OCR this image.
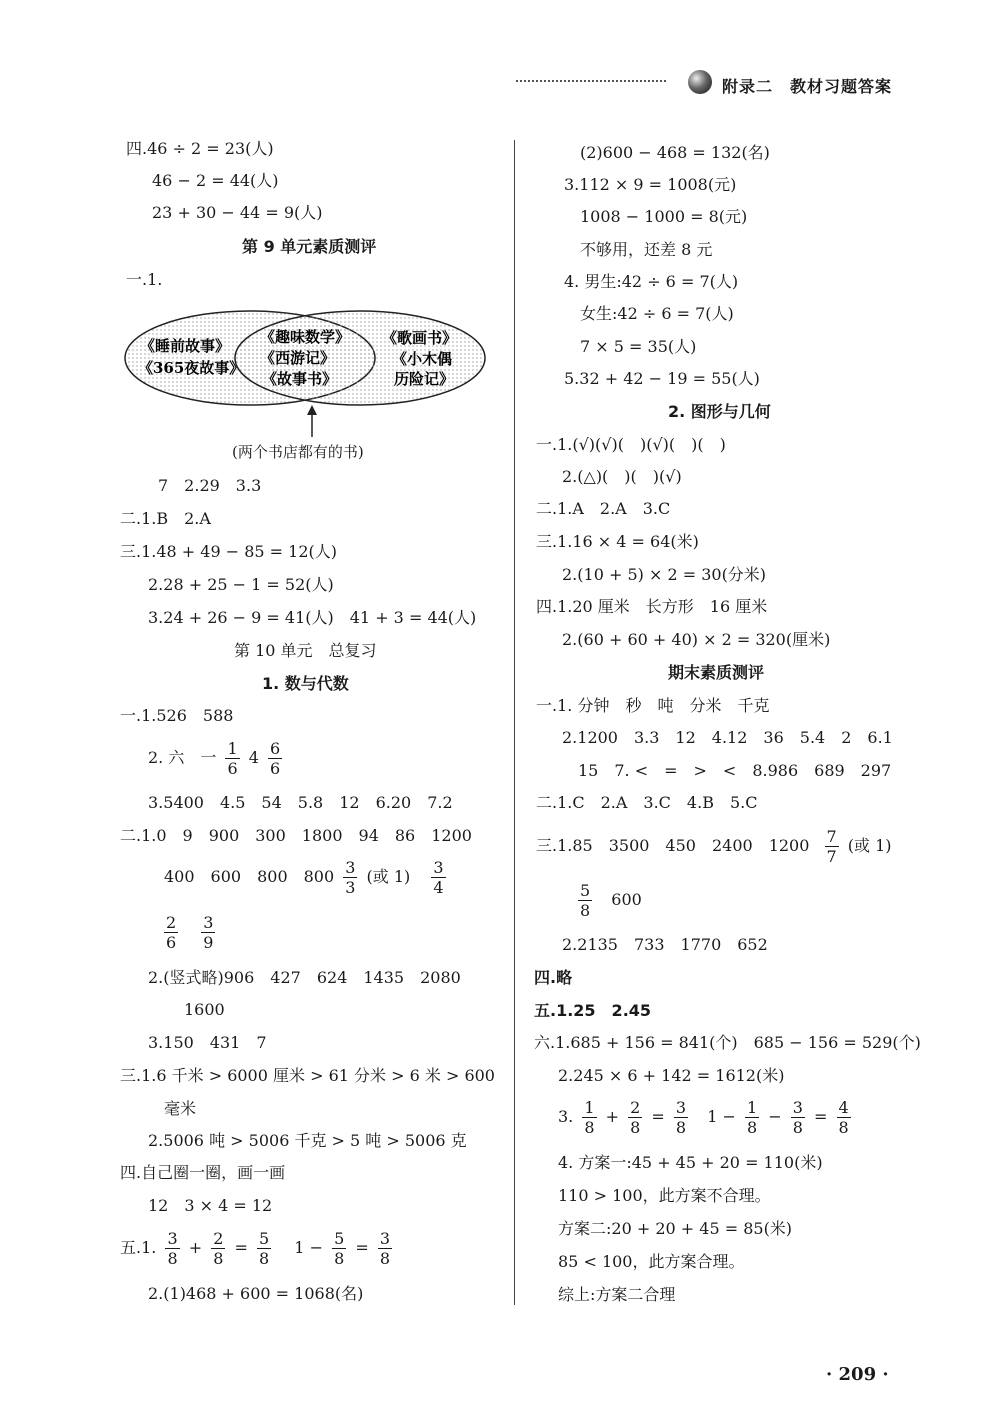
附录二　教材习题答案
四.46 ÷ 2 = 23(人)
46 − 2 = 44(人)
23 + 30 − 44 = 9(人)
第 9 单元素质测评
一.1.
《睡前故事》
《365夜故事》
《趣味数学》
《西游记》
《故事书》
《歌画书》
《小木偶
历险记》
(两个书店都有的书)
7　2.29　3.3
二.1.B　2.A
三.1.48 + 49 − 85 = 12(人)
2.28 + 25 − 1 = 52(人)
3.24 + 26 − 9 = 41(人)　41 + 3 = 44(人)
第 10 单元　总复习
1. 数与代数
一.1.526　588
2. 六　一 $\frac{1}{6} 4 \frac{6}{6}$
3.5400　4.5　54　5.8　12　6.20　7.2
二.1.0　9　900　300　1800　94　86　1200
400　600　800　$800 \frac{3}{3}$ (或 $1) \frac{3}{4}$
$\frac{2}{6}$
$\frac{3}{9}$
2.(竖式略)906　427　624　1435　2080
1600
3.150　431　7
三.1.6 千米 > 6000 厘米 > 61 分米 > 6 米 > 600
毫米
2.5006 吨 > 5006 千克 > 5 吨 > 5006 克
四.自己圈一圈，画一画
12　3 × 4 = 12
五.1. $\frac{3}{8} + \frac{2}{8} = \frac{5}{8} 1 - \frac{5}{8} = \frac{3}{8}$
2.(1)468 + 600 = 1068(名)
(2)600 − 468 = 132(名)
3.112 × 9 = 1008(元)
1008 − 1000 = 8(元)
不够用，还差 8 元
4. 男生:42 ÷ 6 = 7(人)
女生:42 ÷ 6 = 7(人)
7 × 5 = 35(人)
5.32 + 42 − 19 = 55(人)
2. 图形与几何
一.1.(√)(√)(　)(√)(　)(　)
2.(△)(　)(　)(√)
二.1.A　2.A　3.C
三.1.16 × 4 = 64(米)
2.(10 + 5) × 2 = 30(分米)
四.1.20 厘米　长方形　16 厘米
2.(60 + 60 + 40) × 2 = 320(厘米)
期末素质测评
一.1. 分钟　秒　吨　分米　千克
2.1200　3.3　12　4.12　36　5.4　2　6.1
15　7. <　=　>　<　8.986　689　297
二.1.C　2.A　3.C　4.B　5.C
三.1.85　3500　450　2400　$1200 \frac{7}{7}$ (或 1)
$\frac{5}{8} 600$
2.2135　733　1770　652
四.略
五.1.25　2.45
六.1.685 + 156 = 841(个)　685 − 156 = 529(个)
2.245 × 6 + 142 = 1612(米)
3. $\frac{1}{8} + \frac{2}{8} = \frac{3}{8} 1 - \frac{1}{8} - \frac{3}{8} = \frac{4}{8}$
4. 方案一:45 + 45 + 20 = 110(米)
110 > 100，此方案不合理。
方案二:20 + 20 + 45 = 85(米)
85 < 100，此方案合理。
综上:方案二合理
· 209 ·
